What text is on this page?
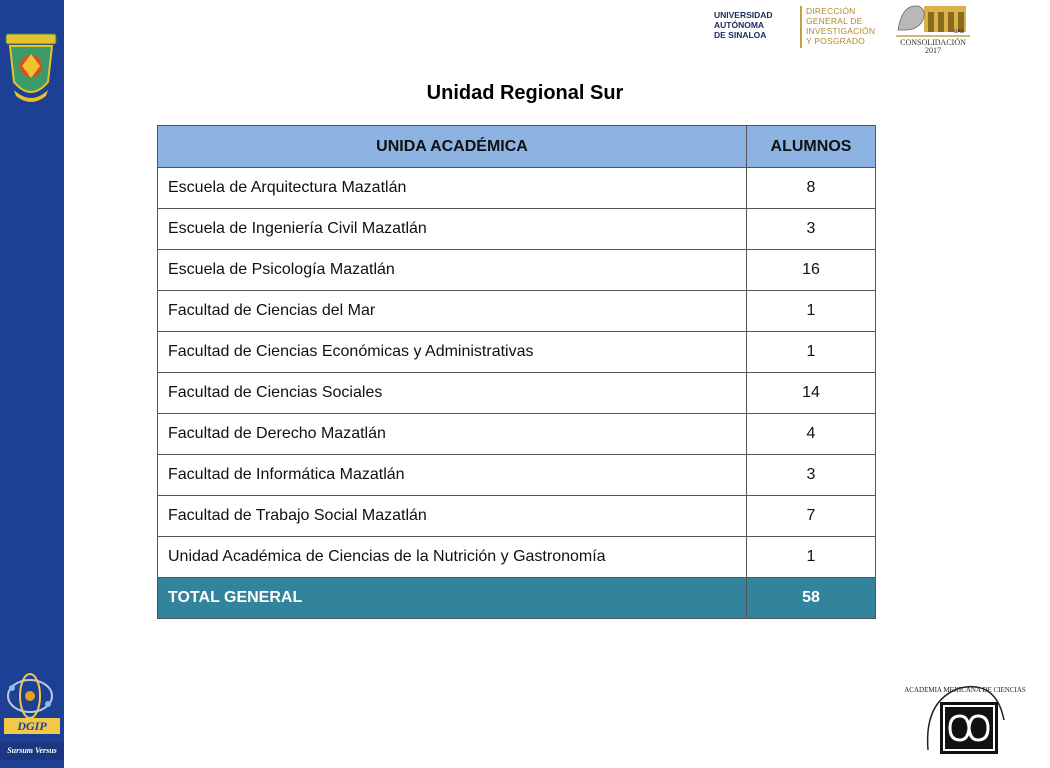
DGIP
Sursum Versus
UNIVERSIDAD
AUTÓNOMA
DE SINALOA
DIRECCIÓN
GENERAL DE
INVESTIGACIÓN
Y POSGRADO
UAS
CONSOLIDACIÓN
2017
Unidad Regional Sur
UNIDA ACADÉMICA	ALUMNOS
Escuela de Arquitectura Mazatlán	8
Escuela de Ingeniería Civil Mazatlán	3
Escuela de Psicología Mazatlán	16
Facultad de Ciencias del Mar	1
Facultad de Ciencias Económicas y Administrativas	1
Facultad de Ciencias Sociales	14
Facultad de Derecho Mazatlán	4
Facultad de Informática Mazatlán	3
Facultad de Trabajo Social Mazatlán	7
Unidad Académica de Ciencias de la Nutrición y Gastronomía	1
TOTAL GENERAL	58
ACADEMIA MEXICANA DE CIENCIAS
